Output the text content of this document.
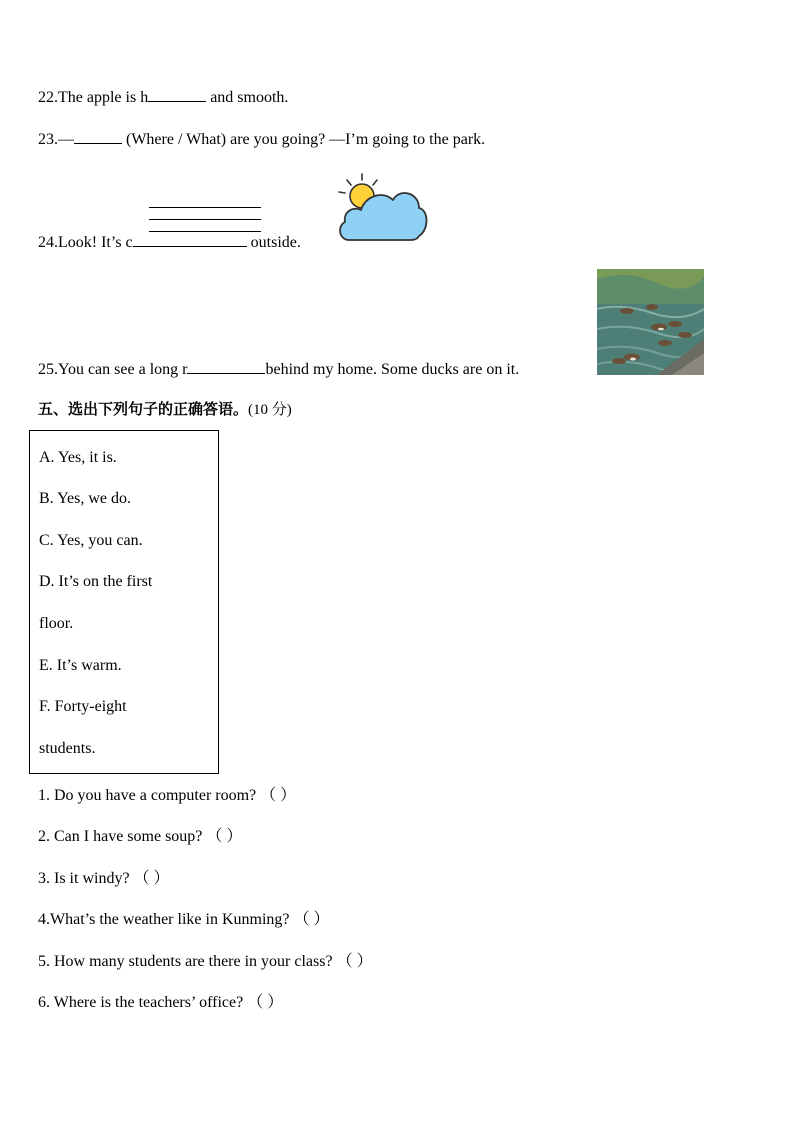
22.The apple is h	and smooth.
23.—	(Where / What) are you going? —I’m going to the park.
24.Look! It’s c	outside.
25.You can see a long r	behind my home. Some ducks are on it.
五、选出下列句子的正确答语。(10 分)
A. Yes, it is.
B. Yes, we do.
C. Yes, you can.
D. It’s on the first
floor.
E. It’s warm.
F. Forty-eight
students.
1. Do you have a computer room? （ ）
2. Can I have some soup? （ ）
3. Is it windy? （ ）
4.What’s the weather like in Kunming? （ ）
5. How many students are there in your class? （ ）
6. Where is the teachers’ office? （ ）
